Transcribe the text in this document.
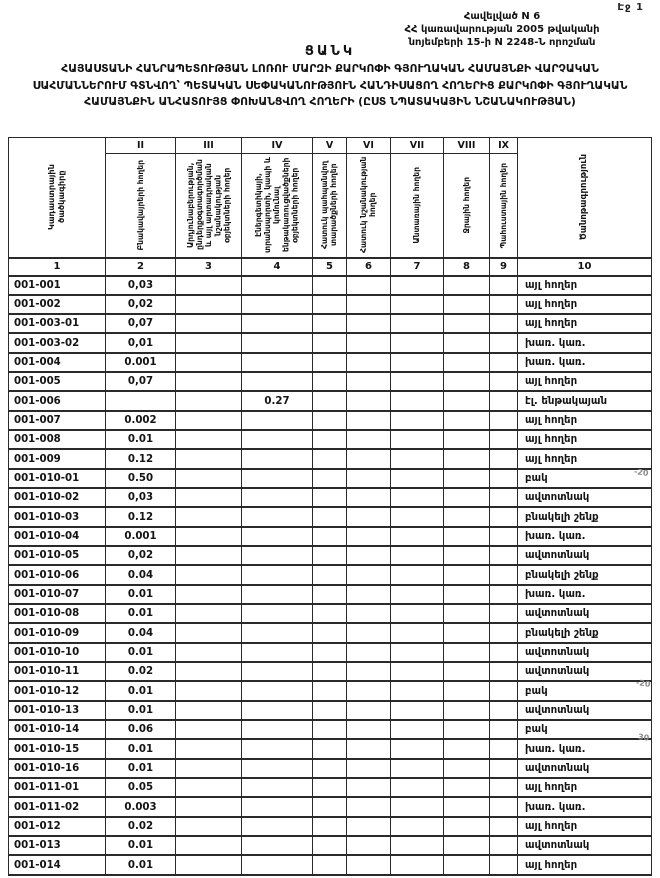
Էջ 1
Հավելված N 6
ՀՀ կառավարության 2005 թվականի
նոյեմբերի 15-ի N 2248-Ն որոշման
ՑԱՆԿ
ՀԱՅԱՍՏԱՆԻ ՀԱՆՐԱՊԵՏՈՒԹՅԱՆ ԼՈՌՈՒ ՄԱՐԶԻ ՔԱՐԿՈՓԻ ԳՅՈՒՂԱԿԱՆ ՀԱՄԱՅՆՔԻ ՎԱՐՉԱԿԱՆ ՍԱՀՄԱՆՆԵՐՈՒՄ ԳՏՆՎՈՂ՝ ՊԵՏԱԿԱՆ ՍԵՓԱԿԱՆՈՒԹՅՈՒՆ ՀԱՆԴԻՍԱՑՈՂ ՀՈՂԵՐԻՑ ՔԱՐԿՈՓԻ ԳՅՈՒՂԱԿԱՆ ՀԱՄԱՅՆՔԻՆ ԱՆՀԱՏՈՒՅՑ ՓՈԽԱՆՑՎՈՂ ՀՈՂԵՐԻ (ԸՍՏ ՆՊԱՏԱԿԱՅԻՆ ՆՇԱՆԱԿՈՒԹՅԱՆ)
Կադաստրային ծածկագիրը	II	III	IV	V	VI	VII	VIII	IX	Ծանոթագրություն

	Բնակավայրերի հողեր	Արդյունաբերության, ընդերքօգտագործման և այլ արտադրական նշանակության օբյեկտների հողեր	Էներգետիկայի, տրանսպորտի, կապի և կոմունալ ենթակառուցվածքների օբյեկտների հողեր	Հատուկ պահպանվող տարածքների հողեր	Հատուկ նշանակության հողեր	Անտառային հողեր	Ջրային հողեր	Պահուստային հողեր	

1	2	3	4	5	6	7	8	9	10
001-001	0,03								այլ հողեր
001-002	0,02								այլ հողեր
001-003-01	0,07								այլ հողեր
001-003-02	0,01								խառ. կառ.
001-004	0.001								խառ. կառ.
001-005	0,07								այլ հողեր
001-006			0.27						էլ. ենթակայան
001-007	0.002								այլ հողեր
001-008	0.01								այլ հողեր
001-009	0.12								այլ հողեր
001-010-01	0.50								բակ
001-010-02	0,03								ավտոտնակ
001-010-03	0.12								բնակելի շենք
001-010-04	0.001								խառ. կառ.
001-010-05	0,02								ավտոտնակ
001-010-06	0.04								բնակելի շենք
001-010-07	0.01								խառ. կառ.
001-010-08	0.01								ավտոտնակ
001-010-09	0.04								բնակելի շենք
001-010-10	0.01								ավտոտնակ
001-010-11	0.02								ավտոտնակ
001-010-12	0.01								բակ
001-010-13	0.01								ավտոտնակ
001-010-14	0.06								բակ
001-010-15	0.01								խառ. կառ.
001-010-16	0.01								ավտոտնակ
001-011-01	0.05								այլ հողեր
001-011-02	0.003								խառ. կառ.
001-012	0.02								այլ հողեր
001-013	0.01								ավտոտնակ
001-014	0.01								այլ հողեր
-20
-20
30
